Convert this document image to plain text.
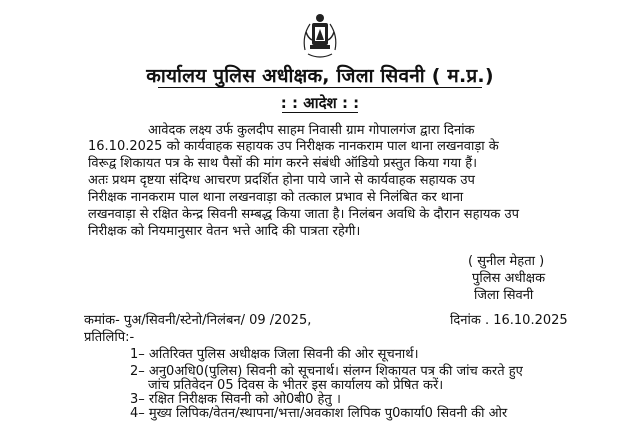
कार्यालय पुलिस अधीक्षक, जिला सिवनी ( म.प्र.)
: : आदेश : :
आवेदक लक्ष्य उर्फ कुलदीप साहम निवासी ग्राम गोपालगंज द्वारा दिनांक
16.10.2025 को कार्यवाहक सहायक उप निरीक्षक नानकराम पाल थाना लखनवाड़ा के
विरूद्व शिकायत पत्र के साथ पैसों की मांग करने संबंधी ऑडियो प्रस्तुत किया गया हैं।
अतः प्रथम दृष्टया संदिग्ध आचरण प्रदर्शित होना पाये जाने से कार्यवाहक सहायक उप
निरीक्षक नानकराम पाल थाना लखनवाड़ा को तत्काल प्रभाव से निलंबित कर थाना
लखनवाड़ा से रक्षित केन्द्र सिवनी सम्बद्ध किया जाता है। निलंबन अवधि के दौरान सहायक उप
निरीक्षक को नियमानुसार वेतन भत्ते आदि की पात्रता रहेगी।
( सुनील मेहता )
पुलिस अधीक्षक
जिला सिवनी
कमांक- पुअ/सिवनी/स्टेनो/निलंबन/ 09 /2025,	दिनांक . 16.10.2025
प्रतिलिपि:-
1– अतिरिक्त पुलिस अधीक्षक जिला सिवनी की ओर सूचनार्थ।
2– अनु0अधि0(पुलिस) सिवनी को सूचनार्थ। संलग्न शिकायत पत्र की जांच करते हुए
जांच प्रतिवेदन 05 दिवस के भीतर इस कार्यालय को प्रेषित करें।
3– रक्षित निरीक्षक सिवनी को ओ0बी0 हेतु ।
4– मुख्य लिपिक/वेतन/स्थापना/भत्ता/अवकाश लिपिक पु0कार्या0 सिवनी की ओर
